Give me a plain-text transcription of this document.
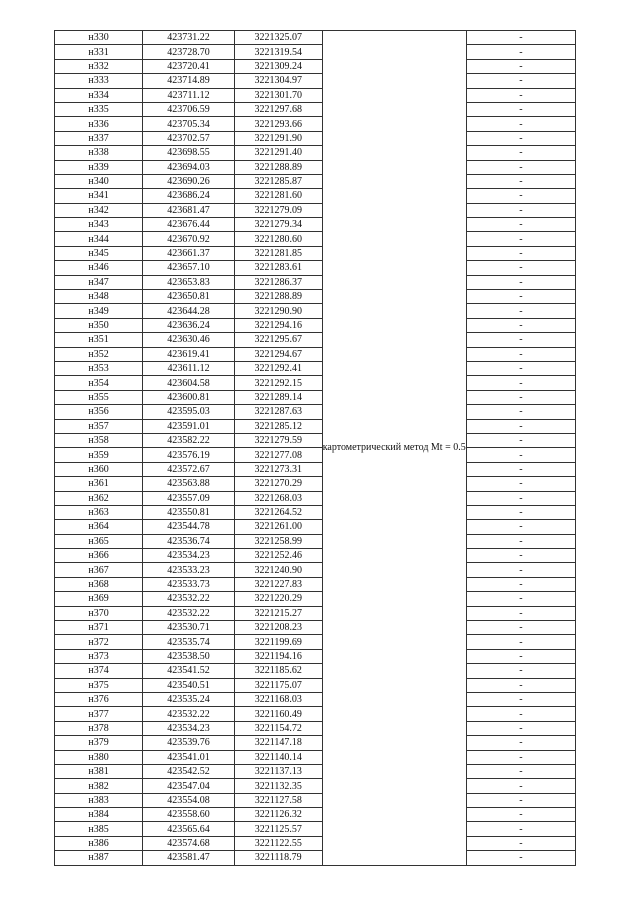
н330	423731.22	3221325.07	картометрический метод Mt = 0.5	-
н331	423728.70	3221319.54		-
н332	423720.41	3221309.24		-
н333	423714.89	3221304.97		-
н334	423711.12	3221301.70		-
н335	423706.59	3221297.68		-
н336	423705.34	3221293.66		-
н337	423702.57	3221291.90		-
н338	423698.55	3221291.40		-
н339	423694.03	3221288.89		-
н340	423690.26	3221285.87		-
н341	423686.24	3221281.60		-
н342	423681.47	3221279.09		-
н343	423676.44	3221279.34		-
н344	423670.92	3221280.60		-
н345	423661.37	3221281.85		-
н346	423657.10	3221283.61		-
н347	423653.83	3221286.37		-
н348	423650.81	3221288.89		-
н349	423644.28	3221290.90		-
н350	423636.24	3221294.16		-
н351	423630.46	3221295.67		-
н352	423619.41	3221294.67		-
н353	423611.12	3221292.41		-
н354	423604.58	3221292.15		-
н355	423600.81	3221289.14		-
н356	423595.03	3221287.63		-
н357	423591.01	3221285.12		-
н358	423582.22	3221279.59		-
н359	423576.19	3221277.08		-
н360	423572.67	3221273.31		-
н361	423563.88	3221270.29		-
н362	423557.09	3221268.03		-
н363	423550.81	3221264.52		-
н364	423544.78	3221261.00		-
н365	423536.74	3221258.99		-
н366	423534.23	3221252.46		-
н367	423533.23	3221240.90		-
н368	423533.73	3221227.83		-
н369	423532.22	3221220.29		-
н370	423532.22	3221215.27		-
н371	423530.71	3221208.23		-
н372	423535.74	3221199.69		-
н373	423538.50	3221194.16		-
н374	423541.52	3221185.62		-
н375	423540.51	3221175.07		-
н376	423535.24	3221168.03		-
н377	423532.22	3221160.49		-
н378	423534.23	3221154.72		-
н379	423539.76	3221147.18		-
н380	423541.01	3221140.14		-
н381	423542.52	3221137.13		-
н382	423547.04	3221132.35		-
н383	423554.08	3221127.58		-
н384	423558.60	3221126.32		-
н385	423565.64	3221125.57		-
н386	423574.68	3221122.55		-
н387	423581.47	3221118.79		-
